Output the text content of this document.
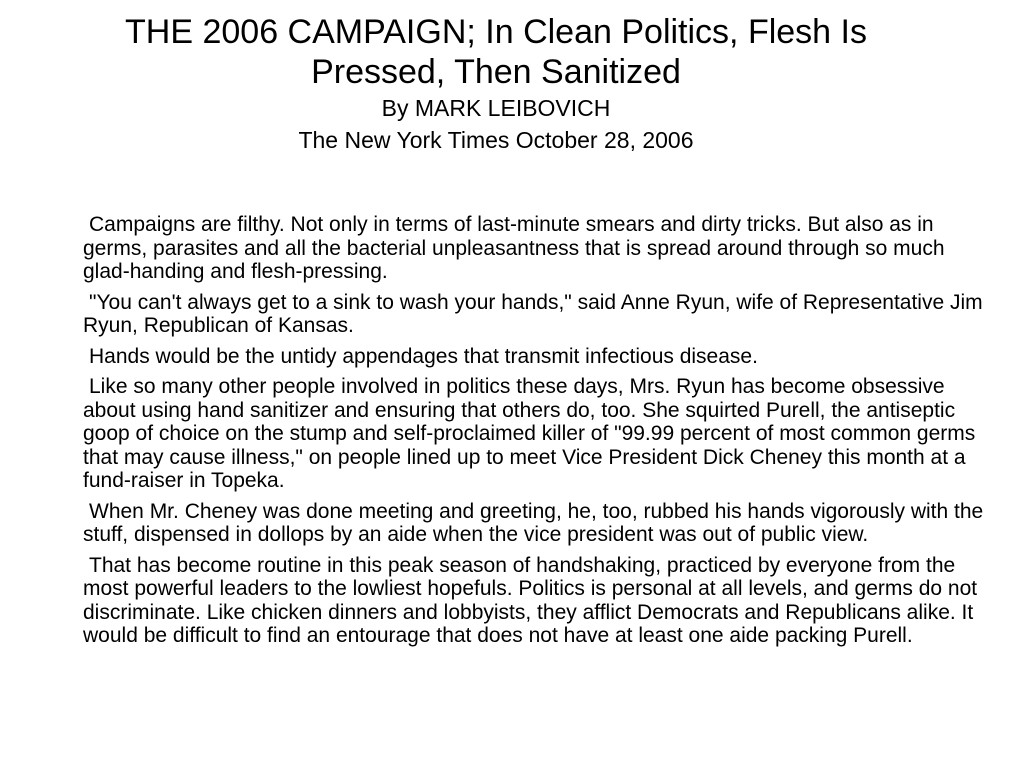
THE 2006 CAMPAIGN; In Clean Politics, Flesh Is
Pressed, Then Sanitized
By MARK LEIBOVICH
The New York Times October 28, 2006

Campaigns are filthy. Not only in terms of last-minute smears and dirty tricks. But also as in germs, parasites and all the bacterial unpleasantness that is spread around through so much glad-handing and flesh-pressing.

"You can't always get to a sink to wash your hands," said Anne Ryun, wife of Representative Jim Ryun, Republican of Kansas.

Hands would be the untidy appendages that transmit infectious disease.

Like so many other people involved in politics these days, Mrs. Ryun has become obsessive about using hand sanitizer and ensuring that others do, too. She squirted Purell, the antiseptic goop of choice on the stump and self-proclaimed killer of "99.99 percent of most common germs that may cause illness," on people lined up to meet Vice President Dick Cheney this month at a fund-raiser in Topeka.

When Mr. Cheney was done meeting and greeting, he, too, rubbed his hands vigorously with the stuff, dispensed in dollops by an aide when the vice president was out of public view.

That has become routine in this peak season of handshaking, practiced by everyone from the most powerful leaders to the lowliest hopefuls. Politics is personal at all levels, and germs do not discriminate. Like chicken dinners and lobbyists, they afflict Democrats and Republicans alike. It would be difficult to find an entourage that does not have at least one aide packing Purell.
